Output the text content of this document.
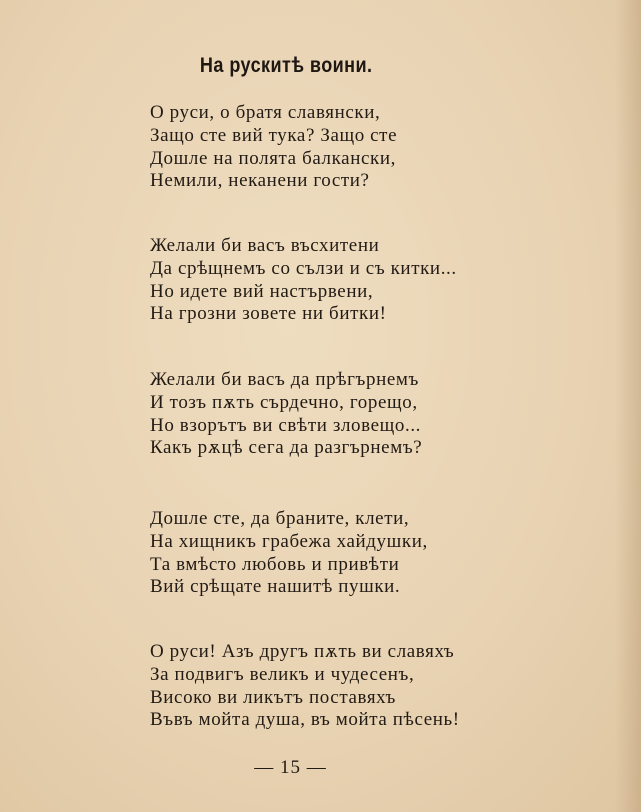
На рускитѣ воини.
О руси, о братя славянски,
Защо сте вий тука? Защо сте
Дошле на полята балкански,
Немили, неканени гости?
Желали би васъ въсхитени
Да срѣщнемъ со сълзи и съ китки...
Но идете вий настървени,
На грозни зовете ни битки!
Желали би васъ да прѣгърнемъ
И тозъ пѫть сърдечно, горещо,
Но взорътъ ви свѣти зловещо...
Какъ рѫцѣ сега да разгърнемъ?
Дошле сте, да браните, клети,
На хищникъ грабежа хайдушки,
Та вмѣсто любовь и привѣти
Вий срѣщате нашитѣ пушки.
О руси! Азъ другъ пѫть ви славяхъ
За подвигъ великъ и чудесенъ,
Високо ви ликътъ поставяхъ
Въвъ мойта душа, въ мойта пѣсень!
— 15 —
